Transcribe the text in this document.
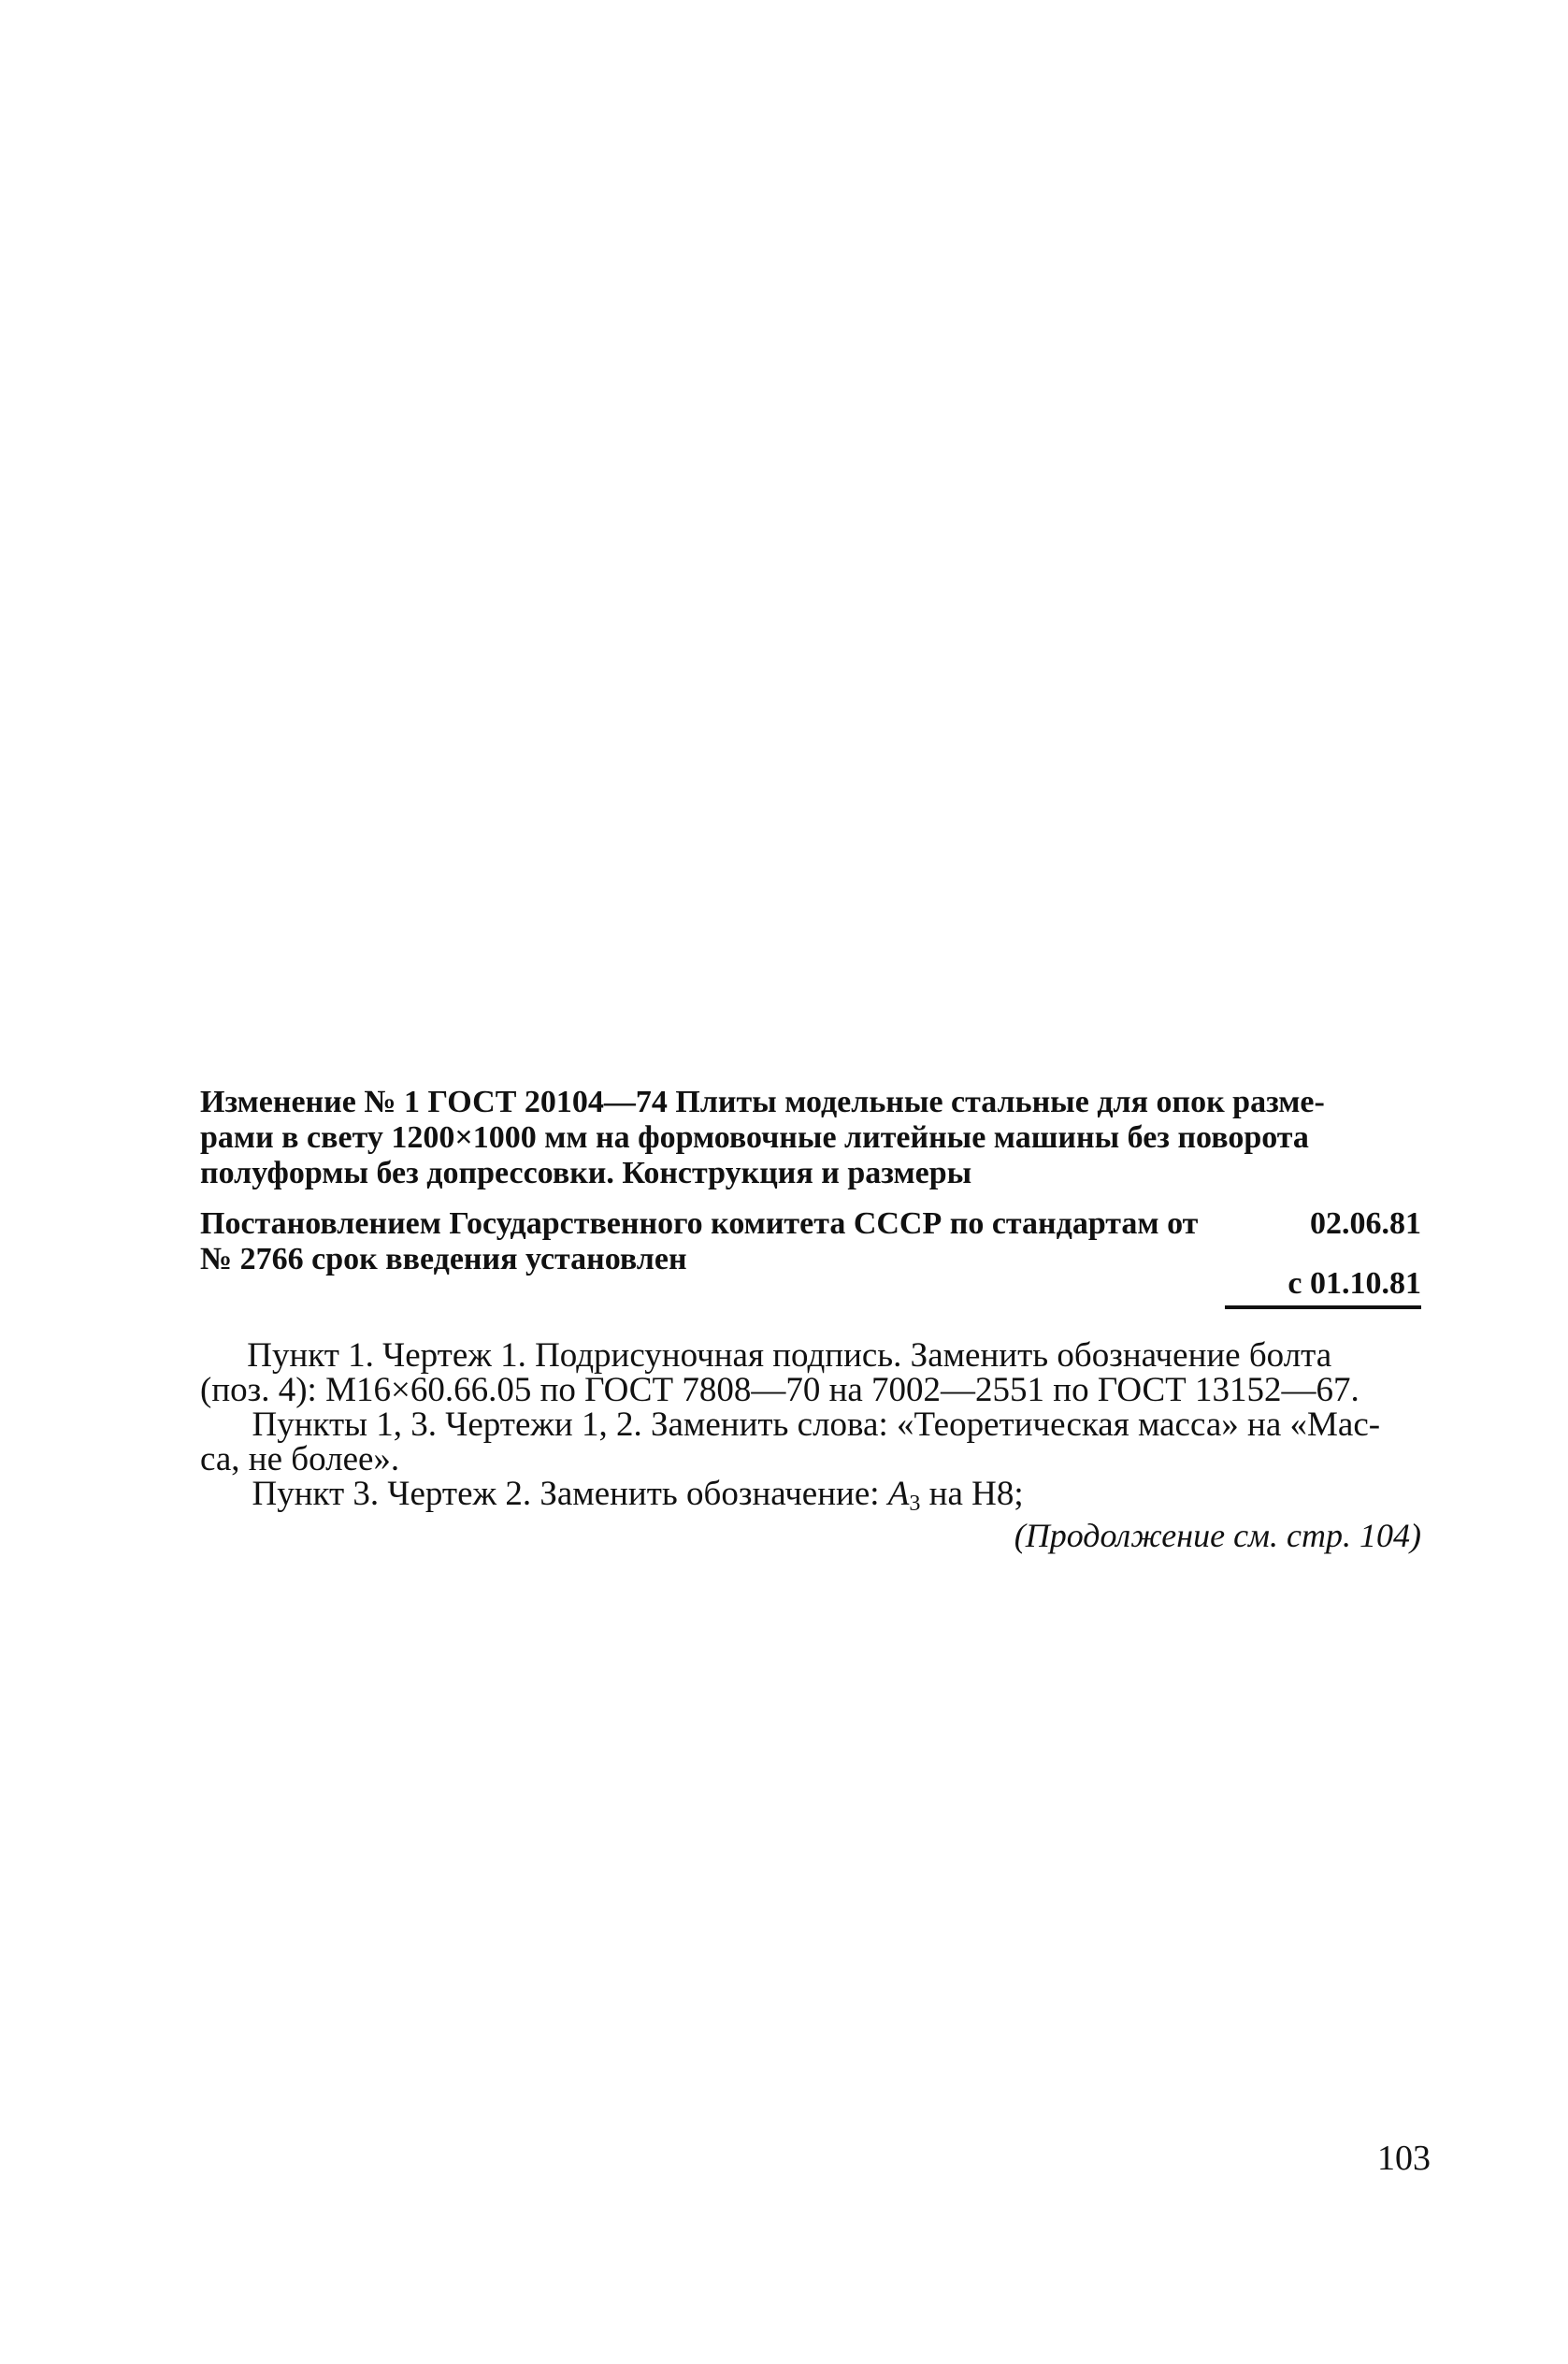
Изменение № 1 ГОСТ 20104—74 Плиты модельные стальные для опок разме-
рами в свету 1200×1000 мм на формовочные литейные машины без поворота
полуформы без допрессовки. Конструкция и размеры
Постановлением Государственного комитета СССР по стандартам от	02.06.81
№ 2766 срок введения установлен
с 01.10.81
Пункт 1. Чертеж 1. Подрисуночная подпись. Заменить обозначение болта
(поз. 4): М16×60.66.05 по ГОСТ 7808—70 на 7002—2551 по ГОСТ 13152—67.
Пункты 1, 3. Чертежи 1, 2. Заменить слова: «Теоретическая масса» на «Мас-
са, не более».
Пункт 3. Чертеж 2. Заменить обозначение: $A_3$ на Н8;
(Продолжение см. стр. 104)
103
